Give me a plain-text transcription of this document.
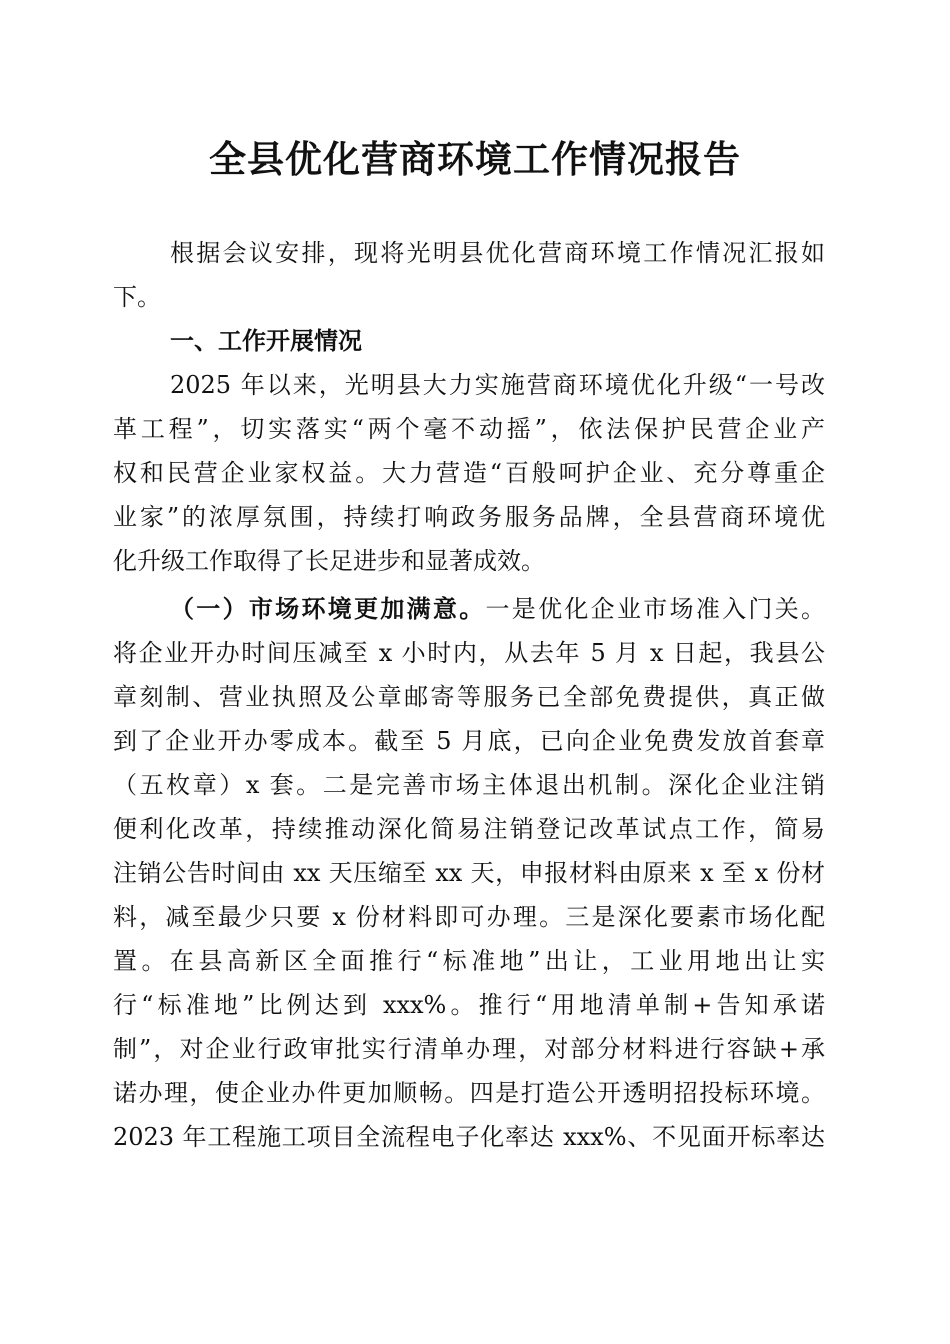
全县优化营商环境工作情况报告
根据会议安排，现将光明县优化营商环境工作情况汇报如
下。
一、工作开展情况
2025 年以来，光明县大力实施营商环境优化升级“一号改
革工程”，切实落实“两个毫不动摇”，依法保护民营企业产
权和民营企业家权益。大力营造“百般呵护企业、充分尊重企
业家”的浓厚氛围，持续打响政务服务品牌，全县营商环境优
化升级工作取得了长足进步和显著成效。
（一）市场环境更加满意。一是优化企业市场准入门关。
将企业开办时间压减至 x 小时内，从去年 5 月 x 日起，我县公
章刻制、营业执照及公章邮寄等服务已全部免费提供，真正做
到了企业开办零成本。截至 5 月底，已向企业免费发放首套章
（五枚章）x 套。二是完善市场主体退出机制。深化企业注销
便利化改革，持续推动深化简易注销登记改革试点工作，简易
注销公告时间由 xx 天压缩至 xx 天，申报材料由原来 x 至 x 份材
料，减至最少只要 x 份材料即可办理。三是深化要素市场化配
置。在县高新区全面推行“标准地”出让，工业用地出让实
行“标准地”比例达到 xxx%。推行“用地清单制+告知承诺
制”，对企业行政审批实行清单办理，对部分材料进行容缺+承
诺办理，使企业办件更加顺畅。四是打造公开透明招投标环境。
2023 年工程施工项目全流程电子化率达 xxx%、不见面开标率达
